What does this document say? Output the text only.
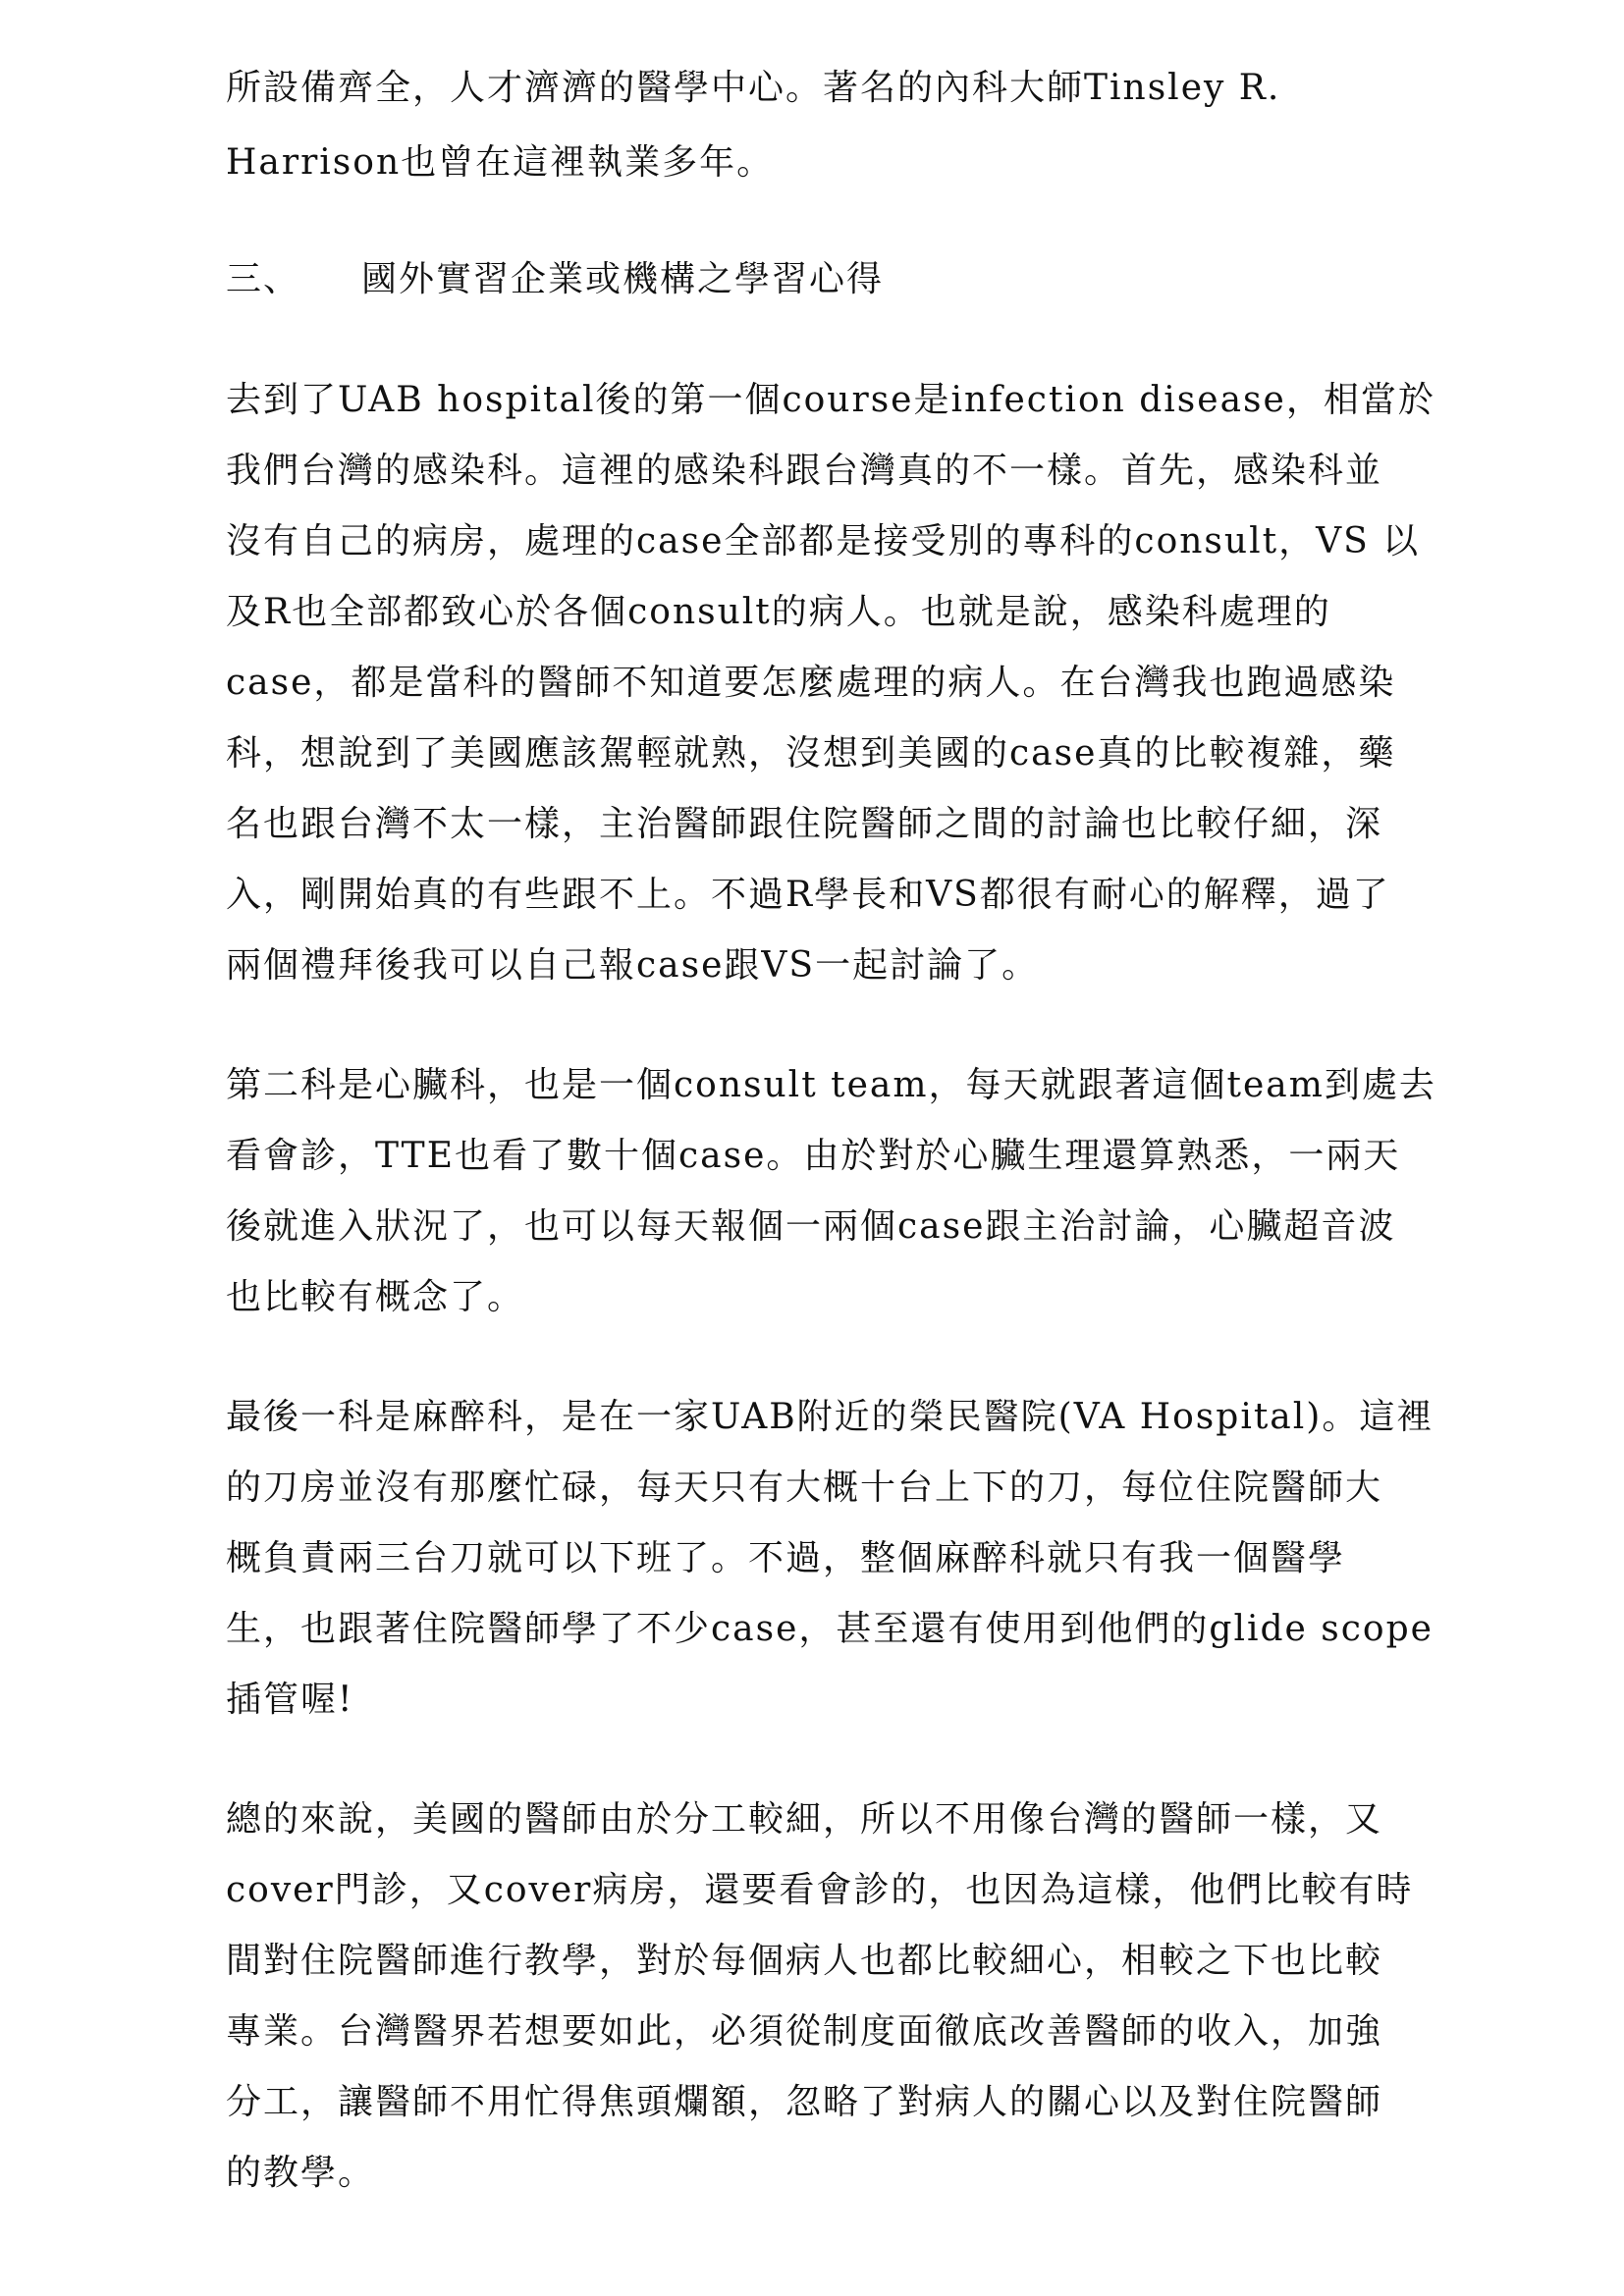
所設備齊全，人才濟濟的醫學中心。著名的內科大師Tinsley R.
Harrison也曾在這裡執業多年。
三、 國外實習企業或機構之學習心得
去到了UAB hospital後的第一個course是infection disease，相當於
我們台灣的感染科。這裡的感染科跟台灣真的不一樣。首先，感染科並
沒有自己的病房，處理的case全部都是接受別的專科的consult，VS 以
及R也全部都致心於各個consult的病人。也就是說，感染科處理的
case，都是當科的醫師不知道要怎麼處理的病人。在台灣我也跑過感染
科，想說到了美國應該駕輕就熟，沒想到美國的case真的比較複雜，藥
名也跟台灣不太一樣，主治醫師跟住院醫師之間的討論也比較仔細，深
入，剛開始真的有些跟不上。不過R學長和VS都很有耐心的解釋，過了
兩個禮拜後我可以自己報case跟VS一起討論了。
第二科是心臟科，也是一個consult team，每天就跟著這個team到處去
看會診，TTE也看了數十個case。由於對於心臟生理還算熟悉，一兩天
後就進入狀況了，也可以每天報個一兩個case跟主治討論，心臟超音波
也比較有概念了。
最後一科是麻醉科，是在一家UAB附近的榮民醫院(VA Hospital)。這裡
的刀房並沒有那麼忙碌，每天只有大概十台上下的刀，每位住院醫師大
概負責兩三台刀就可以下班了。不過，整個麻醉科就只有我一個醫學
生，也跟著住院醫師學了不少case，甚至還有使用到他們的glide scope
插管喔!
總的來說，美國的醫師由於分工較細，所以不用像台灣的醫師一樣，又
cover門診，又cover病房，還要看會診的，也因為這樣，他們比較有時
間對住院醫師進行教學，對於每個病人也都比較細心，相較之下也比較
專業。台灣醫界若想要如此，必須從制度面徹底改善醫師的收入，加強
分工，讓醫師不用忙得焦頭爛額，忽略了對病人的關心以及對住院醫師
的教學。
